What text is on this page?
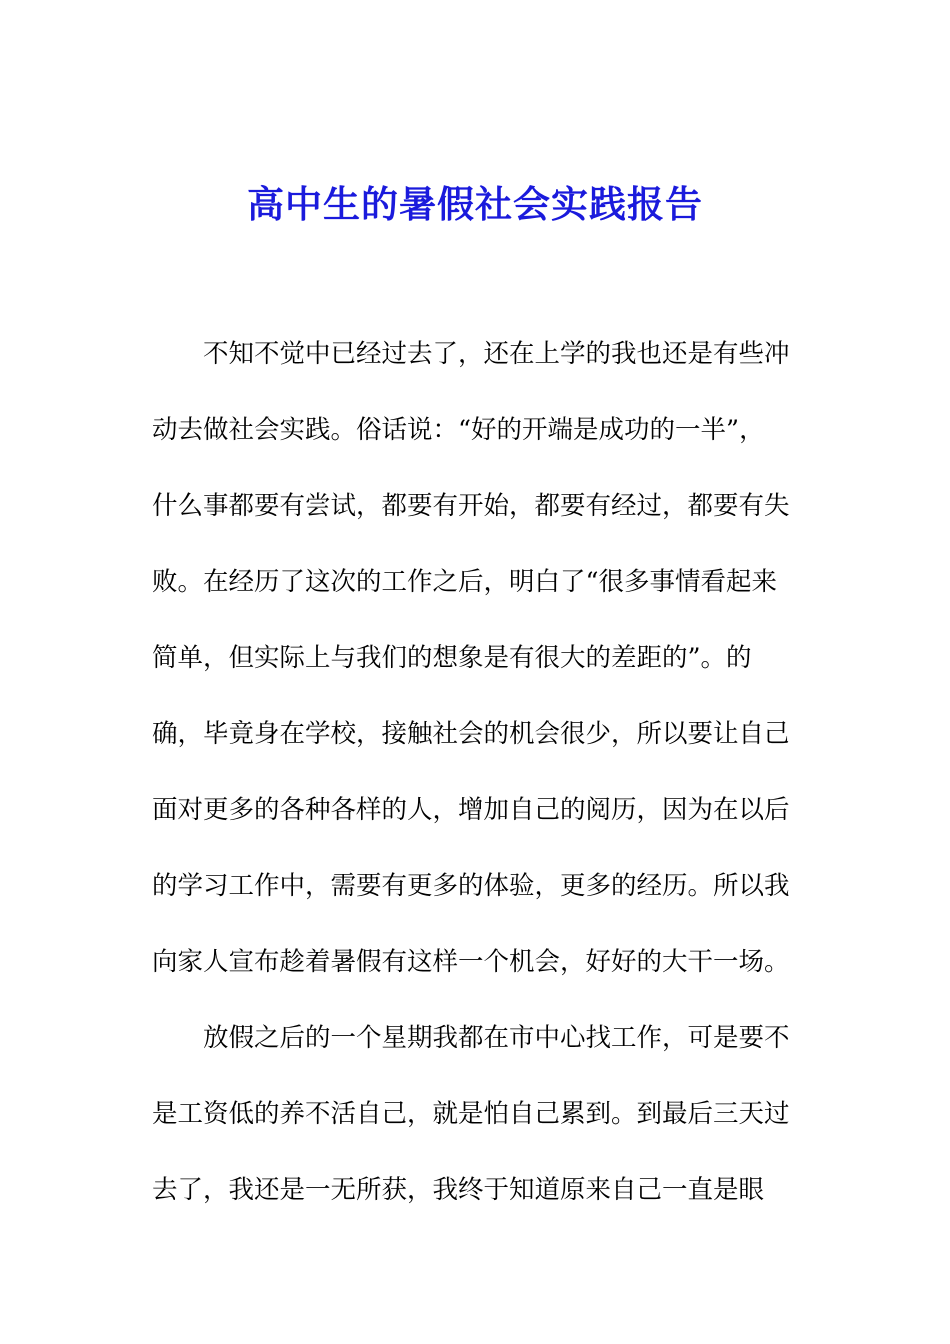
高中生的暑假社会实践报告

不知不觉中已经过去了，还在上学的我也还是有些冲
动去做社会实践。俗话说：“好的开端是成功的一半”，
什么事都要有尝试，都要有开始，都要有经过，都要有失
败。在经历了这次的工作之后，明白了“很多事情看起来
简单，但实际上与我们的想象是有很大的差距的”。的
确，毕竟身在学校，接触社会的机会很少，所以要让自己
面对更多的各种各样的人，增加自己的阅历，因为在以后
的学习工作中，需要有更多的体验，更多的经历。所以我
向家人宣布趁着暑假有这样一个机会，好好的大干一场。

放假之后的一个星期我都在市中心找工作，可是要不
是工资低的养不活自己，就是怕自己累到。到最后三天过
去了，我还是一无所获，我终于知道原来自己一直是眼
